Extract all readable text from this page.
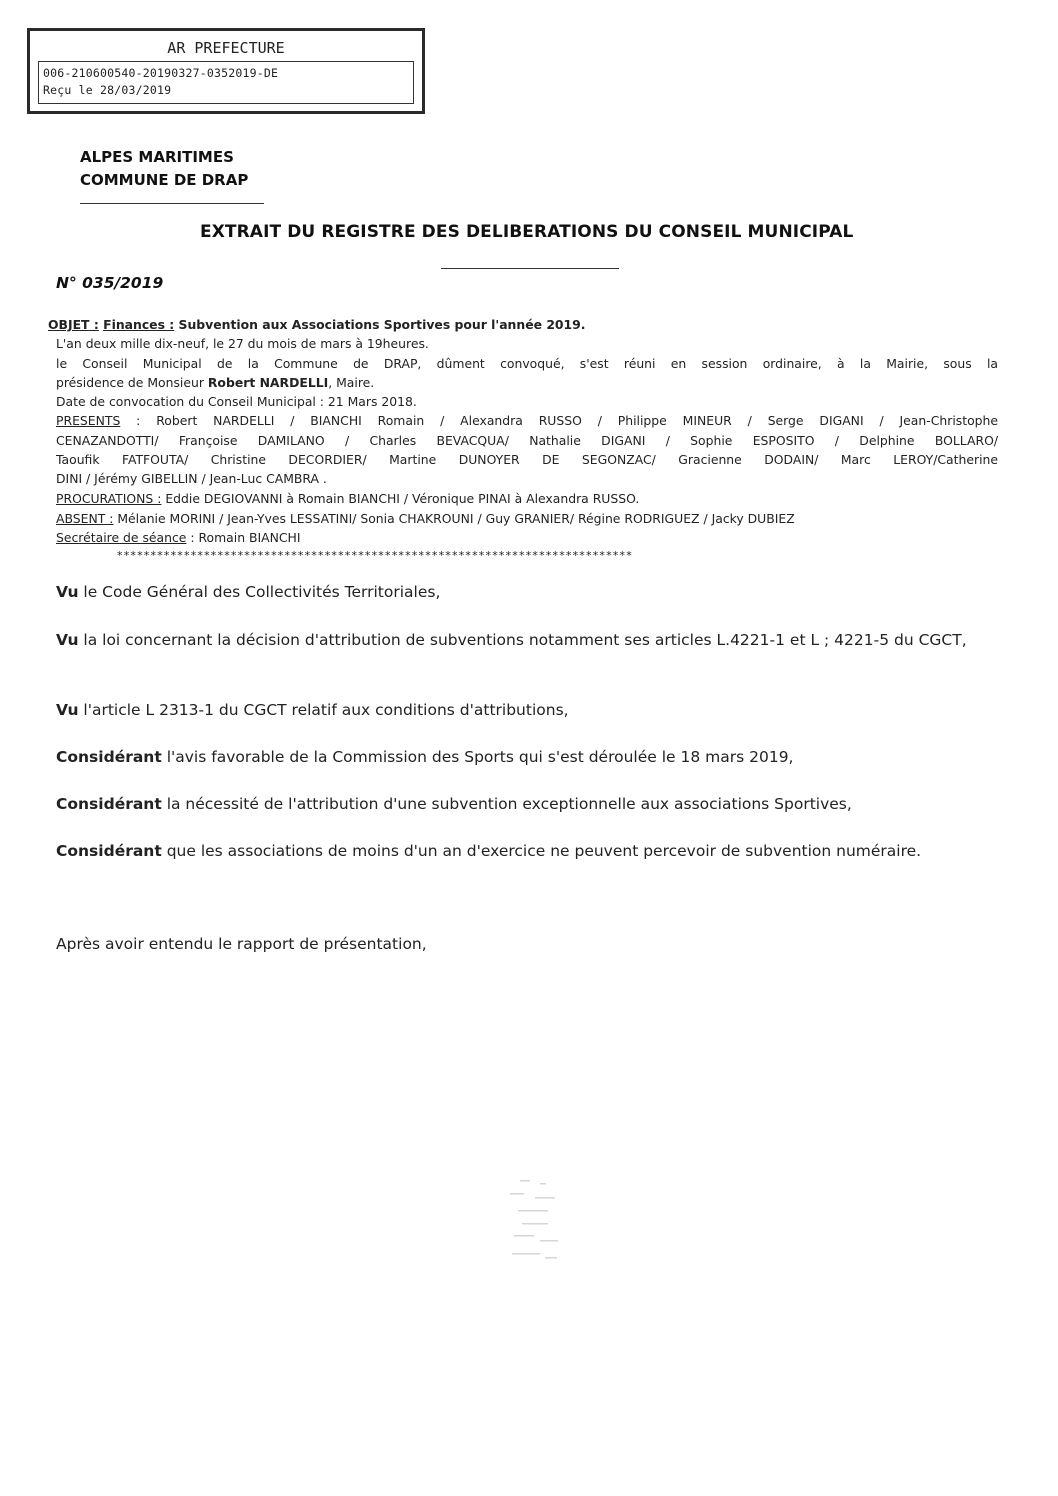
AR PREFECTURE
006-210600540-20190327-0352019-DE
Reçu le 28/03/2019
ALPES MARITIMES
COMMUNE DE DRAP
EXTRAIT DU REGISTRE DES DELIBERATIONS DU CONSEIL MUNICIPAL
N° 035/2019
OBJET : Finances : Subvention aux Associations Sportives pour l'année 2019.
L'an deux mille dix-neuf, le 27 du mois de mars à 19heures.
le Conseil Municipal de la Commune de DRAP, dûment convoqué, s'est réuni en session ordinaire, à la Mairie, sous la
présidence de Monsieur Robert NARDELLI, Maire.
Date de convocation du Conseil Municipal : 21 Mars 2018.
PRESENTS : Robert NARDELLI / BIANCHI Romain / Alexandra RUSSO / Philippe MINEUR / Serge DIGANI / Jean-Christophe
CENAZANDOTTI/ Françoise DAMILANO / Charles BEVACQUA/ Nathalie DIGANI / Sophie ESPOSITO / Delphine BOLLARO/
Taoufik FATFOUTA/ Christine DECORDIER/ Martine DUNOYER DE SEGONZAC/ Gracienne DODAIN/ Marc LEROY/Catherine
DINI / Jérémy GIBELLIN / Jean-Luc CAMBRA .
PROCURATIONS : Eddie DEGIOVANNI à Romain BIANCHI / Véronique PINAI à Alexandra RUSSO.
ABSENT : Mélanie MORINI / Jean-Yves LESSATINI/ Sonia CHAKROUNI / Guy GRANIER/ Régine RODRIGUEZ / Jacky DUBIEZ
Secrétaire de séance : Romain BIANCHI
*****************************************************************************
Vu le Code Général des Collectivités Territoriales,
Vu la loi concernant la décision d'attribution de subventions notamment ses articles L.4221-1 et L ; 4221-5 du CGCT,
Vu l'article L 2313-1 du CGCT relatif aux conditions d'attributions,
Considérant l'avis favorable de la Commission des Sports qui s'est déroulée le 18 mars 2019,
Considérant la nécessité de l'attribution d'une subvention exceptionnelle aux associations Sportives,
Considérant que les associations de moins d'un an d'exercice ne peuvent percevoir de subvention numéraire.
Après avoir entendu le rapport de présentation,
